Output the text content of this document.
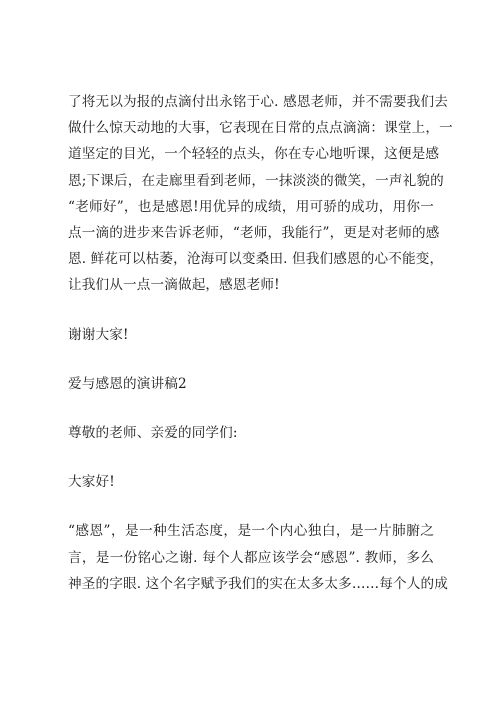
了将无以为报的点滴付出永铭于心. 感恩老师，并不需要我们去
做什么惊天动地的大事，它表现在日常的点点滴滴：课堂上，一
道坚定的目光，一个轻轻的点头，你在专心地听课，这便是感
恩;下课后，在走廊里看到老师，一抹淡淡的微笑，一声礼貌的
“老师好”，也是感恩!用优异的成绩，用可骄的成功，用你一
点一滴的进步来告诉老师，“老师，我能行”，更是对老师的感
恩. 鲜花可以枯萎，沧海可以变桑田. 但我们感恩的心不能变，
让我们从一点一滴做起，感恩老师!

谢谢大家!

爱与感恩的演讲稿2

尊敬的老师、亲爱的同学们:

大家好!

“感恩”，是一种生活态度，是一个内心独白，是一片肺腑之
言，是一份铭心之谢. 每个人都应该学会“感恩”. 教师，多么
神圣的字眼. 这个名字赋予我们的实在太多太多……每个人的成
